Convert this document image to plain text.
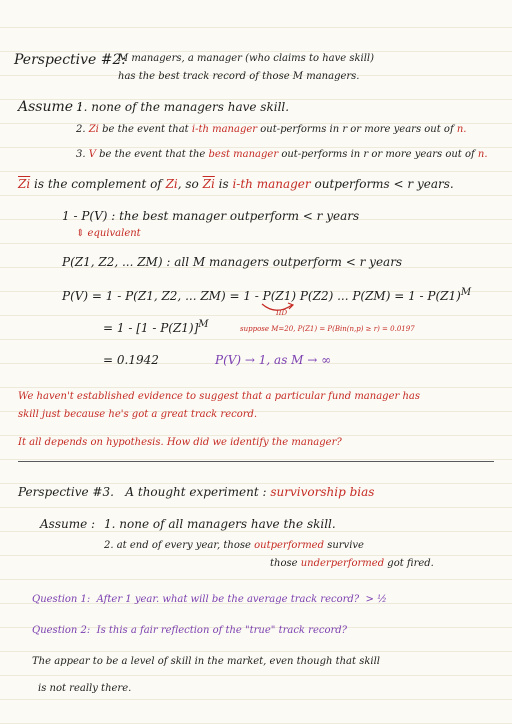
Perspective #2:
M managers, a manager (who claims to have skill)
has the best track record of those M managers.
Assume :
1. none of the managers have skill.
2. Zi be the event that i-th manager out-performs in r or more years out of n.
3. V be the event that the best manager out-performs in r or more years out of n.
$\overline{Zi}$ is the complement of Zi, so $\overline{Zi}$ is i-th manager outperforms < r years.
1 - P(V) : the best manager outperform < r years
⇕ equivalent
P(Z1, Z2, ... ZM) : all M managers outperform < r years
P(V) = 1 - P(Z1, Z2, ... ZM) = 1 - P(Z1) P(Z2) ... $P(ZM) = 1 - P(Z1)^M$
IID
= 1 - [1 - P(Z1)]$^M$	suppose M=20, P(Z1) = P(Bin(n,p) ≥ r) = 0.0197
= 0.1942	P(V) → 1, as M → ∞
We haven't established evidence to suggest that a particular fund manager has
skill just because he's got a great track record.
It all depends on hypothesis. How did we identify the manager?
Perspective #3. A thought experiment : survivorship bias
Assume : 1. none of all managers have the skill.
2. at end of every year, those outperformed survive
those underperformed got fired.
Question 1: After 1 year. what will be the average track record? > ½
Question 2: Is this a fair reflection of the "true" track record?
The appear to be a level of skill in the market, even though that skill
is not really there.
